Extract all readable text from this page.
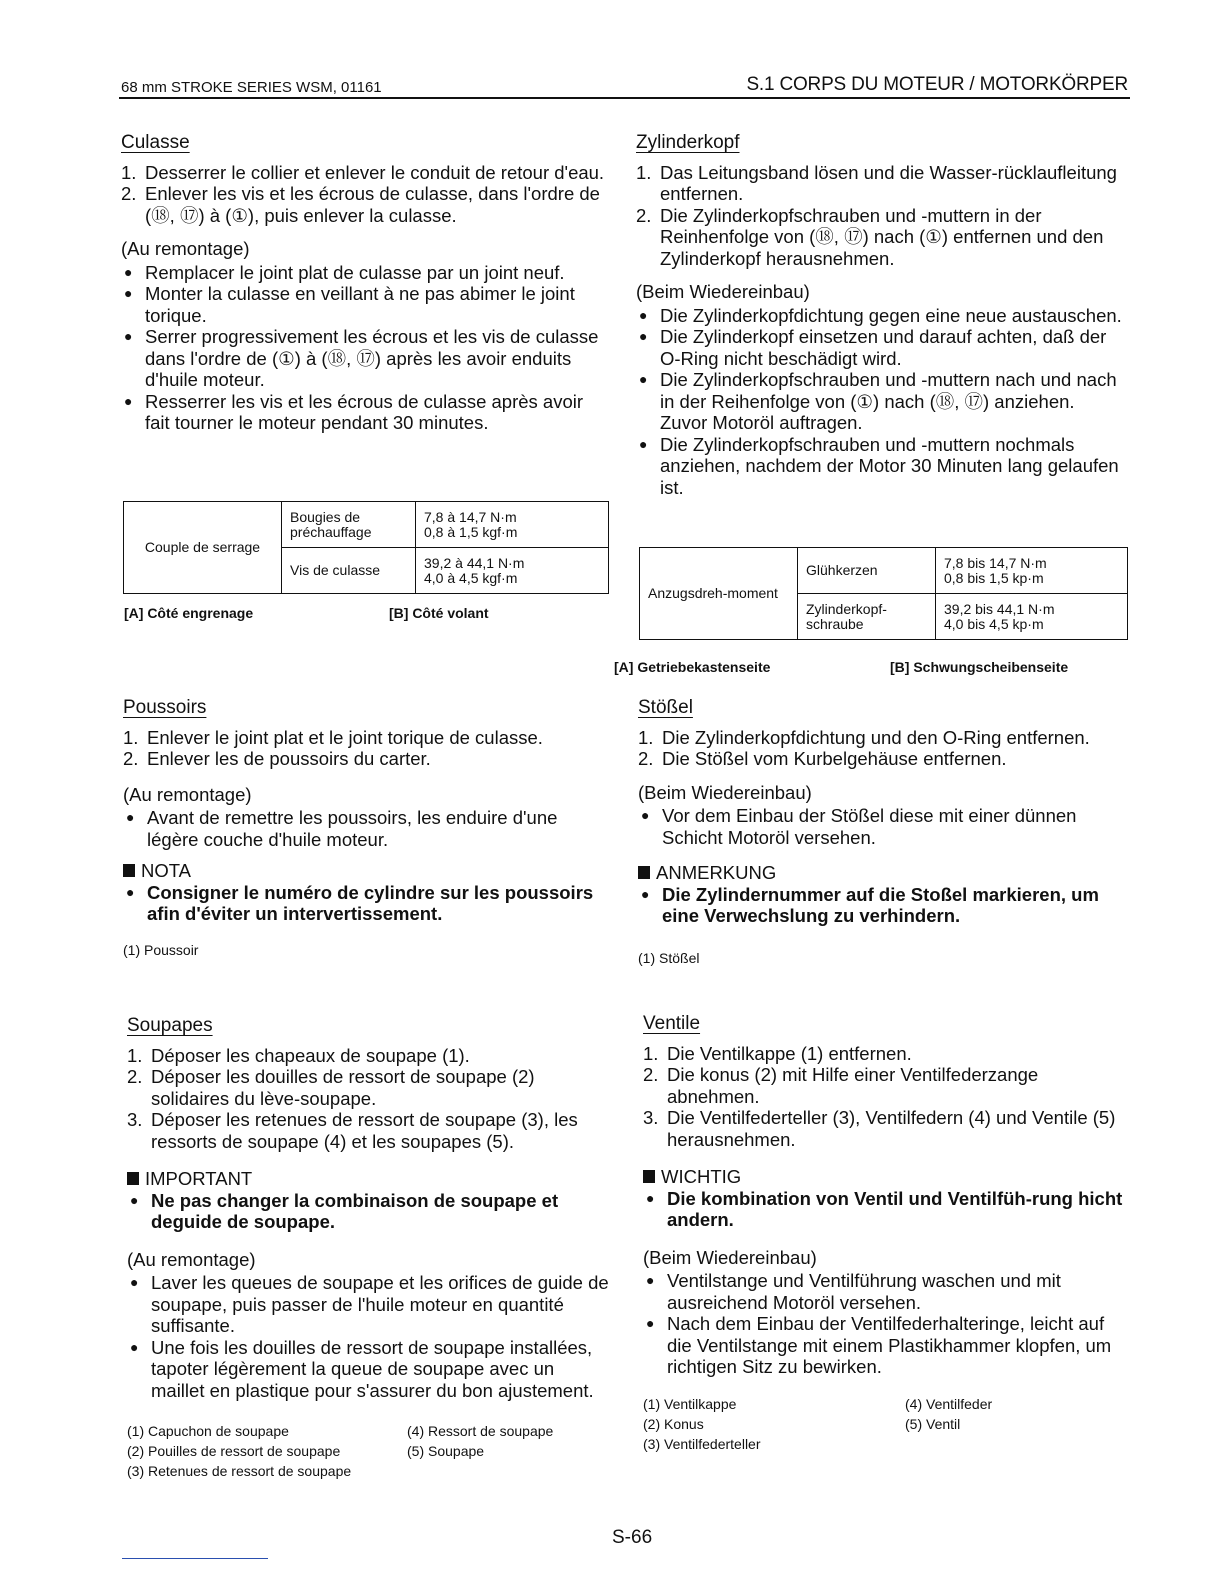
68 mm STROKE SERIES WSM, 01161	S.1 CORPS DU MOTEUR / MOTORKÖRPER
Culasse
1. Desserrer le collier et enlever le conduit de retour d'eau.
2. Enlever les vis et les écrous de culasse, dans l'ordre de (⑱, ⑰) à (①), puis enlever la culasse.
(Au remontage)
● Remplacer le joint plat de culasse par un joint neuf.
● Monter la culasse en veillant à ne pas abimer le joint torique.
● Serrer progressivement les écrous et les vis de culasse dans l'ordre de (①) à (⑱, ⑰) après les avoir enduits d'huile moteur.
● Resserrer les vis et les écrous de culasse après avoir fait tourner le moteur pendant 30 minutes.
Couple de serrage	Bougies de préchauffage	7,8 à 14,7 N·m
0,8 à 1,5 kgf·m

	Vis de culasse	39,2 à 44,1 N·m
4,0 à 4,5 kgf·m
[A] Côté engrenage	[B] Côté volant
Zylinderkopf
1. Das Leitungsband lösen und die Wasser-rücklaufleitung entfernen.
2. Die Zylinderkopfschrauben und -muttern in der Reinhenfolge von (⑱, ⑰) nach (①) entfernen und den Zylinderkopf herausnehmen.
(Beim Wiedereinbau)
● Die Zylinderkopfdichtung gegen eine neue austauschen.
● Die Zylinderkopf einsetzen und darauf achten, daß der O-Ring nicht beschädigt wird.
● Die Zylinderkopfschrauben und -muttern nach und nach in der Reihenfolge von (①) nach (⑱, ⑰) anziehen. Zuvor Motoröl auftragen.
● Die Zylinderkopfschrauben und -muttern nochmals anziehen, nachdem der Motor 30 Minuten lang gelaufen ist.
Anzugsdreh-moment	Glühkerzen	7,8 bis 14,7 N·m
0,8 bis 1,5 kp·m

	Zylinderkopf-schraube	39,2 bis 44,1 N·m
4,0 bis 4,5 kp·m
[A] Getriebekastenseite	[B] Schwungscheibenseite
Poussoirs
1. Enlever le joint plat et le joint torique de culasse.
2. Enlever les de poussoirs du carter.
(Au remontage)
● Avant de remettre les poussoirs, les enduire d'une légère couche d'huile moteur.
NOTA
● Consigner le numéro de cylindre sur les poussoirs afin d'éviter un intervertissement.
(1) Poussoir
Stößel
1. Die Zylinderkopfdichtung und den O-Ring entfernen.
2. Die Stößel vom Kurbelgehäuse entfernen.
(Beim Wiedereinbau)
● Vor dem Einbau der Stößel diese mit einer dünnen Schicht Motoröl versehen.
ANMERKUNG
● Die Zylindernummer auf die Stoßel markieren, um eine Verwechslung zu verhindern.
(1) Stößel
Soupapes
1. Déposer les chapeaux de soupape (1).
2. Déposer les douilles de ressort de soupape (2) solidaires du lève-soupape.
3. Déposer les retenues de ressort de soupape (3), les ressorts de soupape (4) et les soupapes (5).
IMPORTANT
● Ne pas changer la combinaison de soupape et deguide de soupape.
(Au remontage)
● Laver les queues de soupape et les orifices de guide de soupape, puis passer de l'huile moteur en quantité suffisante.
● Une fois les douilles de ressort de soupape installées, tapoter légèrement la queue de soupape avec un maillet en plastique pour s'assurer du bon ajustement.
(1) Capuchon de soupape	(4) Ressort de soupape
(2) Pouilles de ressort de soupape	(5) Soupape
(3) Retenues de ressort de soupape
Ventile
1. Die Ventilkappe (1) entfernen.
2. Die konus (2) mit Hilfe einer Ventilfederzange abnehmen.
3. Die Ventilfederteller (3), Ventilfedern (4) und Ventile (5) herausnehmen.
WICHTIG
● Die kombination von Ventil und Ventilfüh-rung hicht andern.
(Beim Wiedereinbau)
● Ventilstange und Ventilführung waschen und mit ausreichend Motoröl versehen.
● Nach dem Einbau der Ventilfederhalteringe, leicht auf die Ventilstange mit einem Plastikhammer klopfen, um richtigen Sitz zu bewirken.
(1) Ventilkappe	(4) Ventilfeder
(2) Konus	(5) Ventil
(3) Ventilfederteller
S-66
